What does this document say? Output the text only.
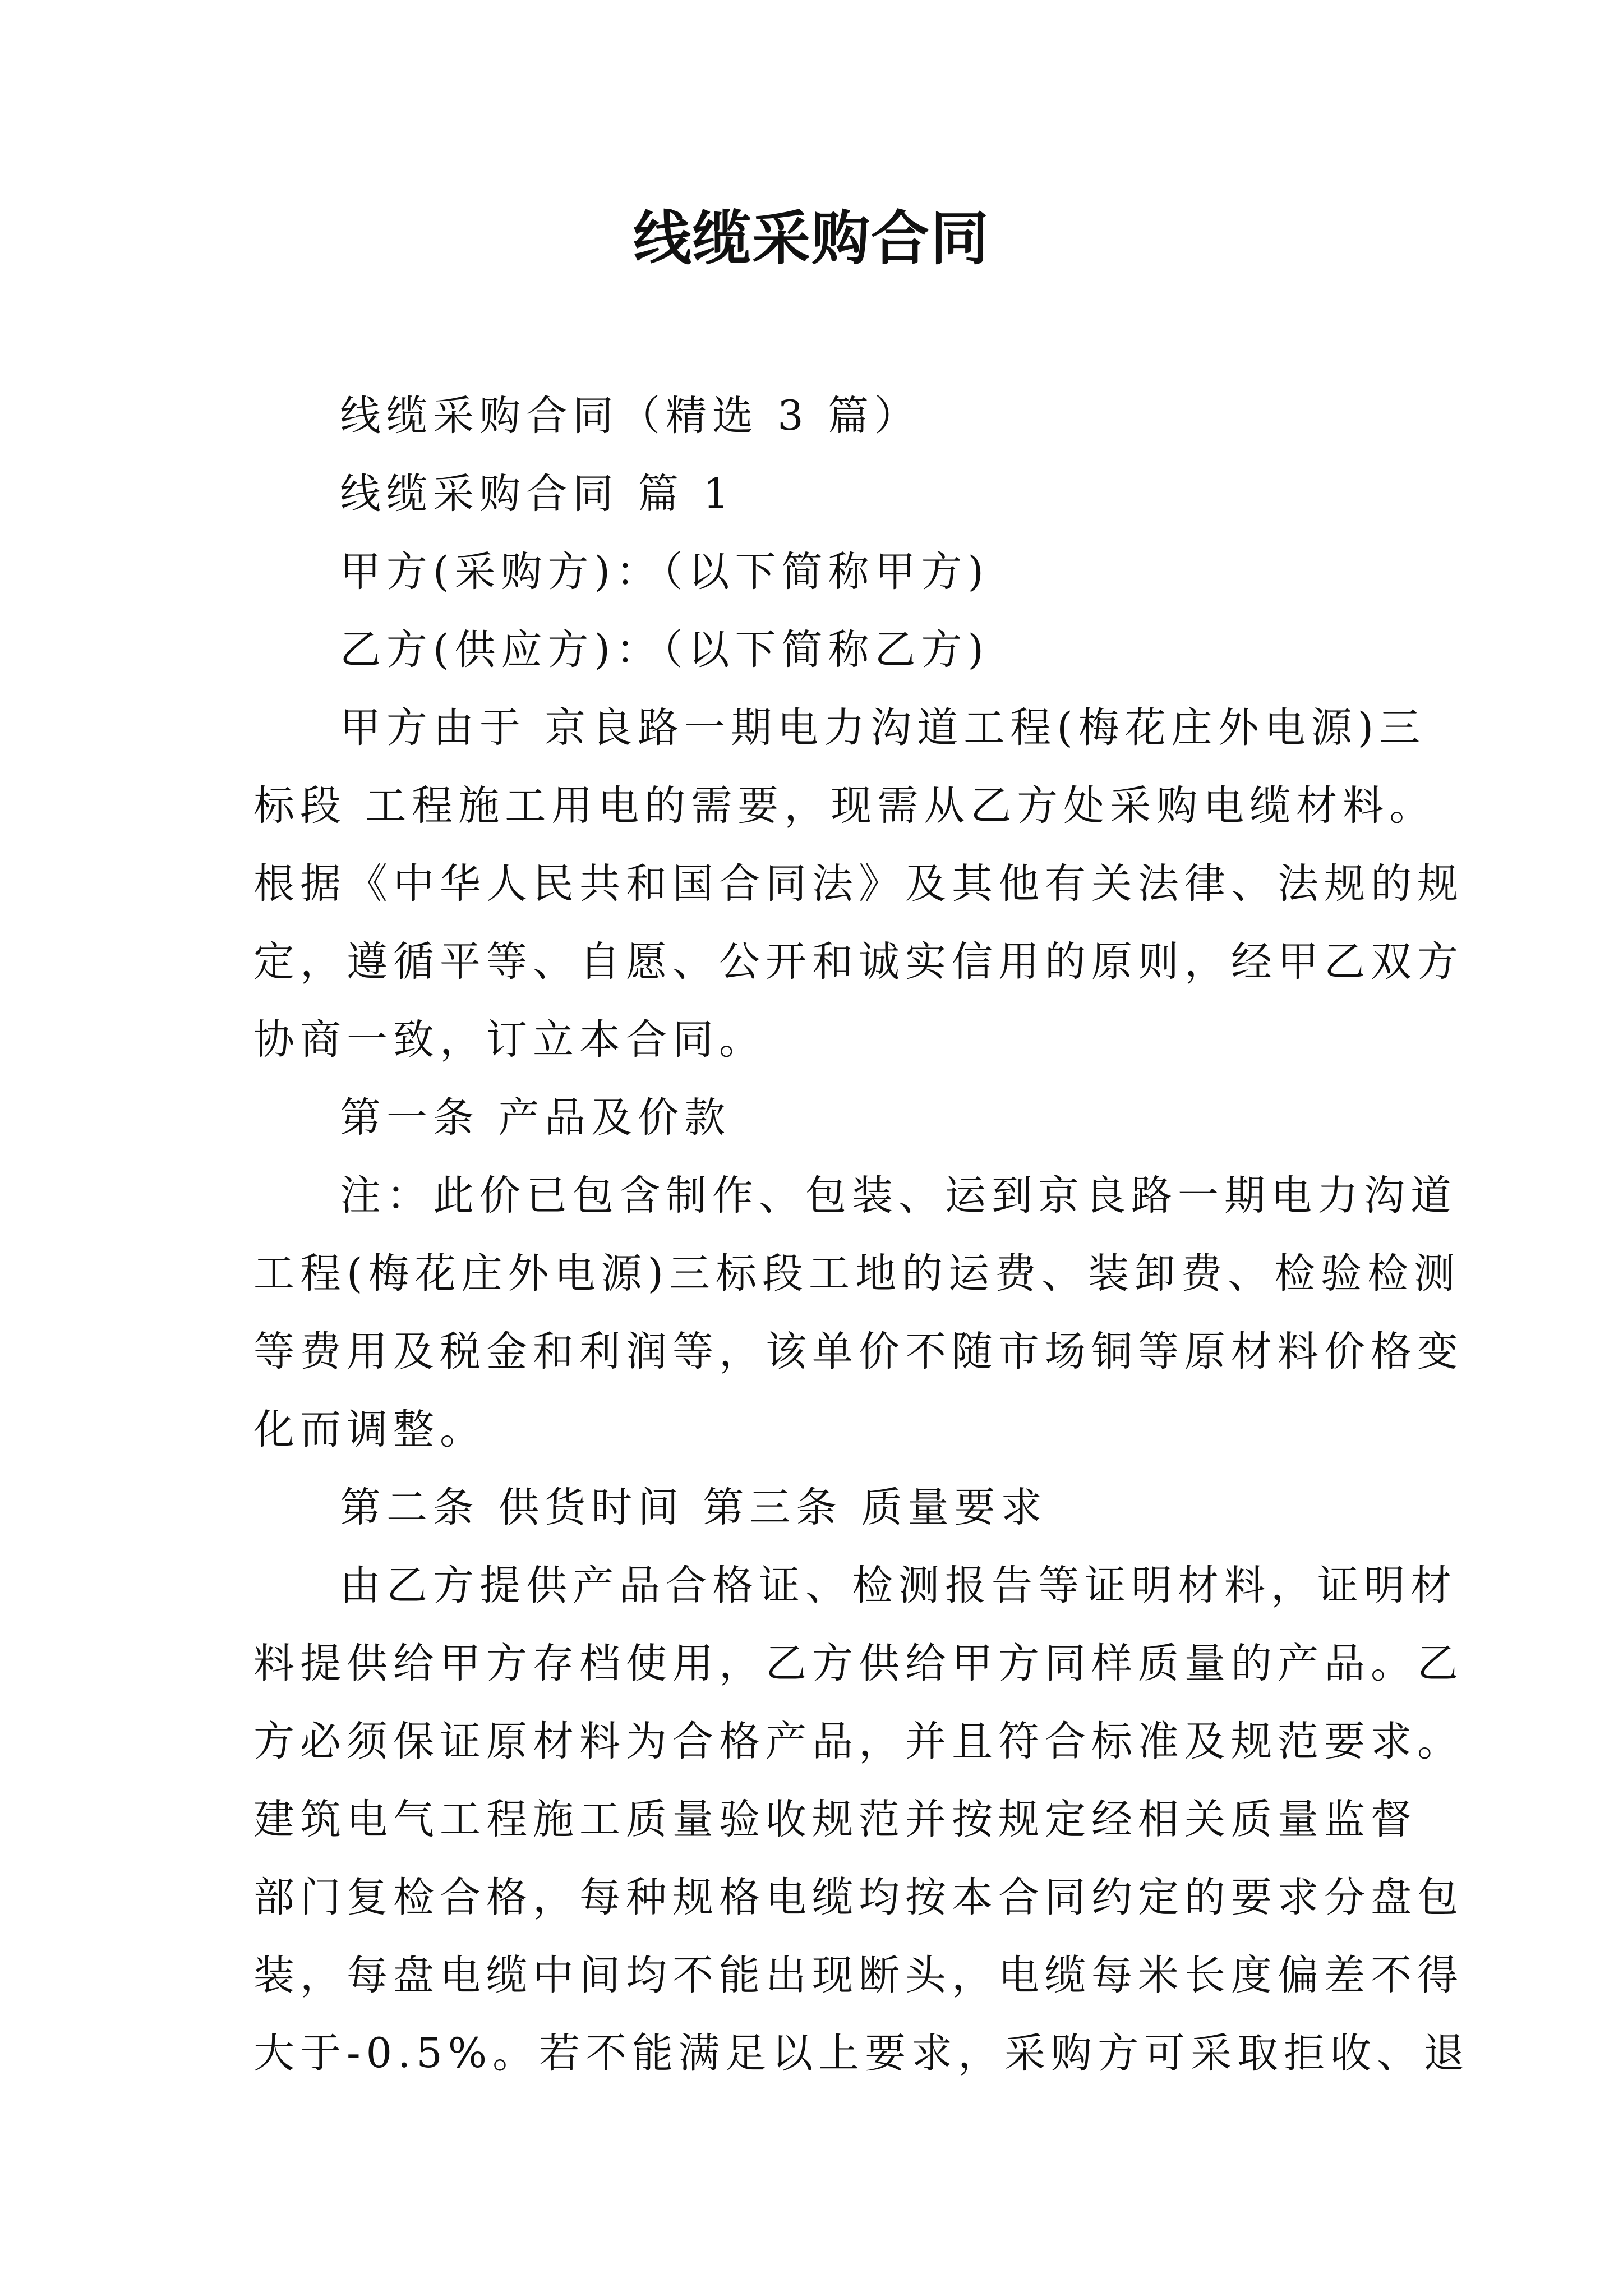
线缆采购合同

线缆采购合同（精选 3 篇）

线缆采购合同 篇 1

甲方(采购方)：（以下简称甲方)

乙方(供应方)：（以下简称乙方)

甲方由于 京良路一期电力沟道工程(梅花庄外电源)三

标段 工程施工用电的需要，现需从乙方处采购电缆材料。

根据《中华人民共和国合同法》及其他有关法律、法规的规

定，遵循平等、自愿、公开和诚实信用的原则，经甲乙双方

协商一致，订立本合同。

第一条 产品及价款

注：此价已包含制作、包装、运到京良路一期电力沟道

工程(梅花庄外电源)三标段工地的运费、装卸费、检验检测

等费用及税金和利润等，该单价不随市场铜等原材料价格变

化而调整。

第二条 供货时间 第三条 质量要求

由乙方提供产品合格证、检测报告等证明材料，证明材

料提供给甲方存档使用，乙方供给甲方同样质量的产品。乙

方必须保证原材料为合格产品，并且符合标准及规范要求。

建筑电气工程施工质量验收规范并按规定经相关质量监督

部门复检合格，每种规格电缆均按本合同约定的要求分盘包

装，每盘电缆中间均不能出现断头，电缆每米长度偏差不得

大于-0.5%。若不能满足以上要求，采购方可采取拒收、退
